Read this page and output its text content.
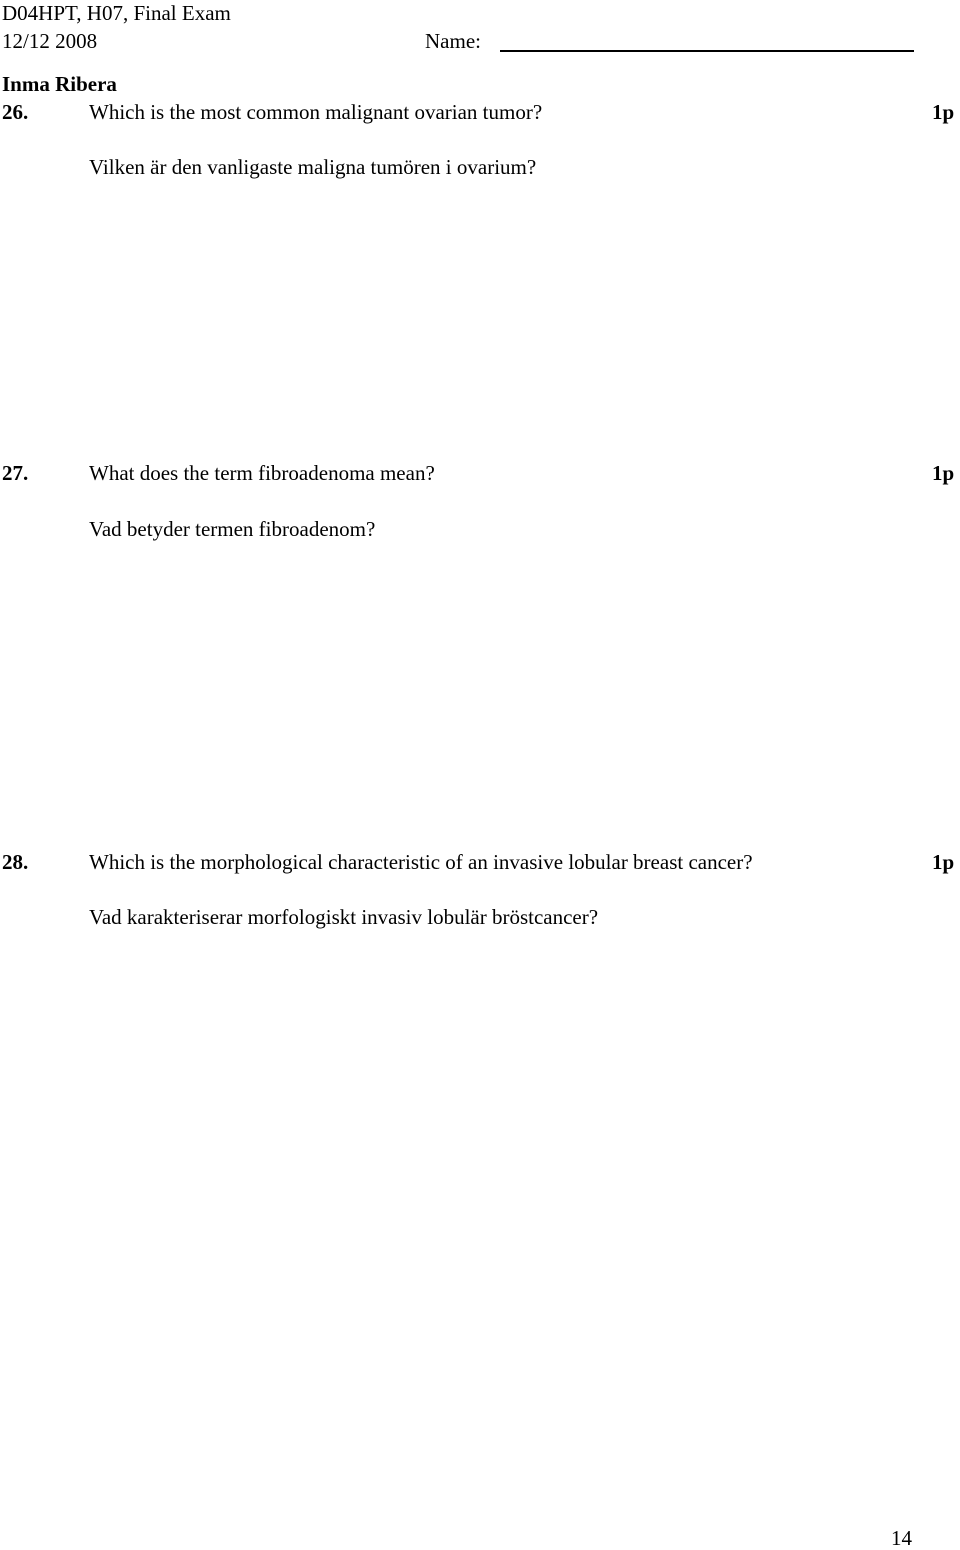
D04HPT, H07, Final Exam
12/12 2008	Name:
Inma Ribera
26.	Which is the most common malignant ovarian tumor?	1p
Vilken är den vanligaste maligna tumören i ovarium?
27.	What does the term fibroadenoma mean?	1p
Vad betyder termen fibroadenom?
28.	Which is the morphological characteristic of an invasive lobular breast cancer?	1p
Vad karakteriserar morfologiskt invasiv lobulär bröstcancer?
14
